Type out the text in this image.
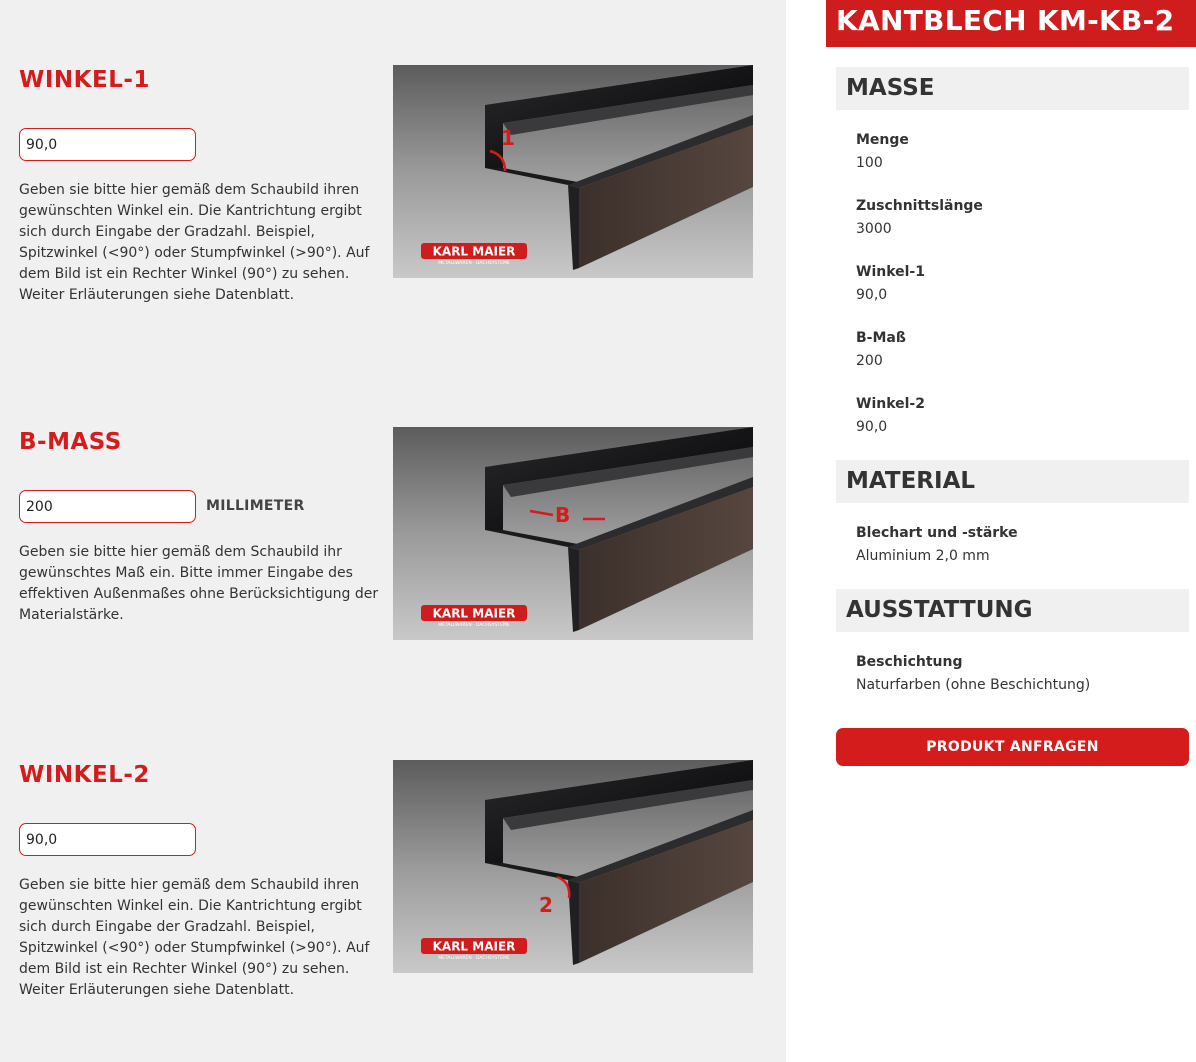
WINKEL-1
90,0
Geben sie bitte hier gemäß dem Schaubild ihren gewünschten Winkel ein. Die Kantrichtung ergibt sich durch Eingabe der Gradzahl. Beispiel, Spitzwinkel (<90°) oder Stumpfwinkel (>90°). Auf dem Bild ist ein Rechter Winkel (90°) zu sehen. Weiter Erläuterungen siehe Datenblatt.
1
KARL MAIER
METALLWAREN · DACHSYSTEME
B-MASS
200
MILLIMETER
Geben sie bitte hier gemäß dem Schaubild ihr gewünschtes Maß ein. Bitte immer Eingabe des effektiven Außenmaßes ohne Berücksichtigung der Materialstärke.
B
KARL MAIER
METALLWAREN · DACHSYSTEME
WINKEL-2
90,0
Geben sie bitte hier gemäß dem Schaubild ihren gewünschten Winkel ein. Die Kantrichtung ergibt sich durch Eingabe der Gradzahl. Beispiel, Spitzwinkel (<90°) oder Stumpfwinkel (>90°). Auf dem Bild ist ein Rechter Winkel (90°) zu sehen. Weiter Erläuterungen siehe Datenblatt.
2
KARL MAIER
METALLWAREN · DACHSYSTEME
KANTBLECH KM-KB-2
MASSE
Menge
100
Zuschnittslänge
3000
Winkel-1
90,0
B-Maß
200
Winkel-2
90,0
MATERIAL
Blechart und -stärke
Aluminium 2,0 mm
AUSSTATTUNG
Beschichtung
Naturfarben (ohne Beschichtung)
PRODUKT ANFRAGEN
